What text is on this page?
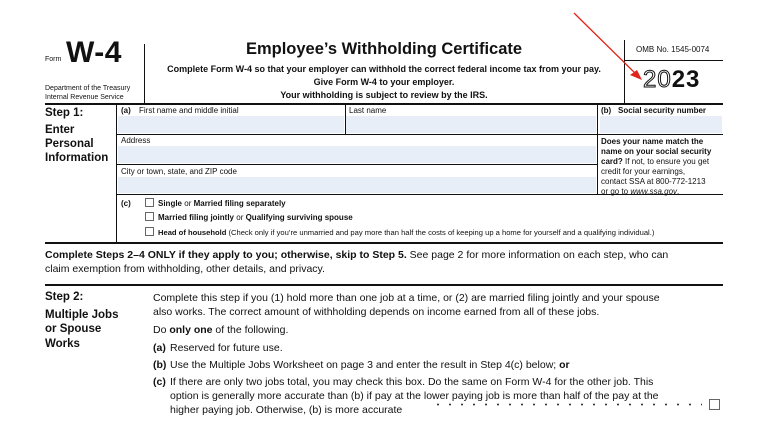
Form W-4
Department of the Treasury
Internal Revenue Service
Employee’s Withholding Certificate
Complete Form W-4 so that your employer can withhold the correct federal income tax from your pay.
Give Form W-4 to your employer.
Your withholding is subject to review by the IRS.
OMB No. 1545-0074
2023
Step 1:
Enter
Personal
Information
(a) First name and middle initial	Last name	(b) Social security number
Address
City or town, state, and ZIP code
Does your name match the
name on your social security
card? If not, to ensure you get
credit for your earnings,
contact SSA at 800-772-1213
or go to www.ssa.gov.
(c)	Single or Married filing separately
Married filing jointly or Qualifying surviving spouse
Head of household (Check only if you’re unmarried and pay more than half the costs of keeping up a home for yourself and a qualifying individual.)
Complete Steps 2–4 ONLY if they apply to you; otherwise, skip to Step 5. See page 2 for more information on each step, who can
claim exemption from withholding, other details, and privacy.
Step 2:
Multiple Jobs
or Spouse
Works
Complete this step if you (1) hold more than one job at a time, or (2) are married filing jointly and your spouse
also works. The correct amount of withholding depends on income earned from all of these jobs.
Do only one of the following.
(a) Reserved for future use.
(b) Use the Multiple Jobs Worksheet on page 3 and enter the result in Step 4(c) below; or
(c) If there are only two jobs total, you may check this box. Do the same on Form W-4 for the other job. This
option is generally more accurate than (b) if pay at the lower paying job is more than half of the pay at the
higher paying job. Otherwise, (b) is more accurate
